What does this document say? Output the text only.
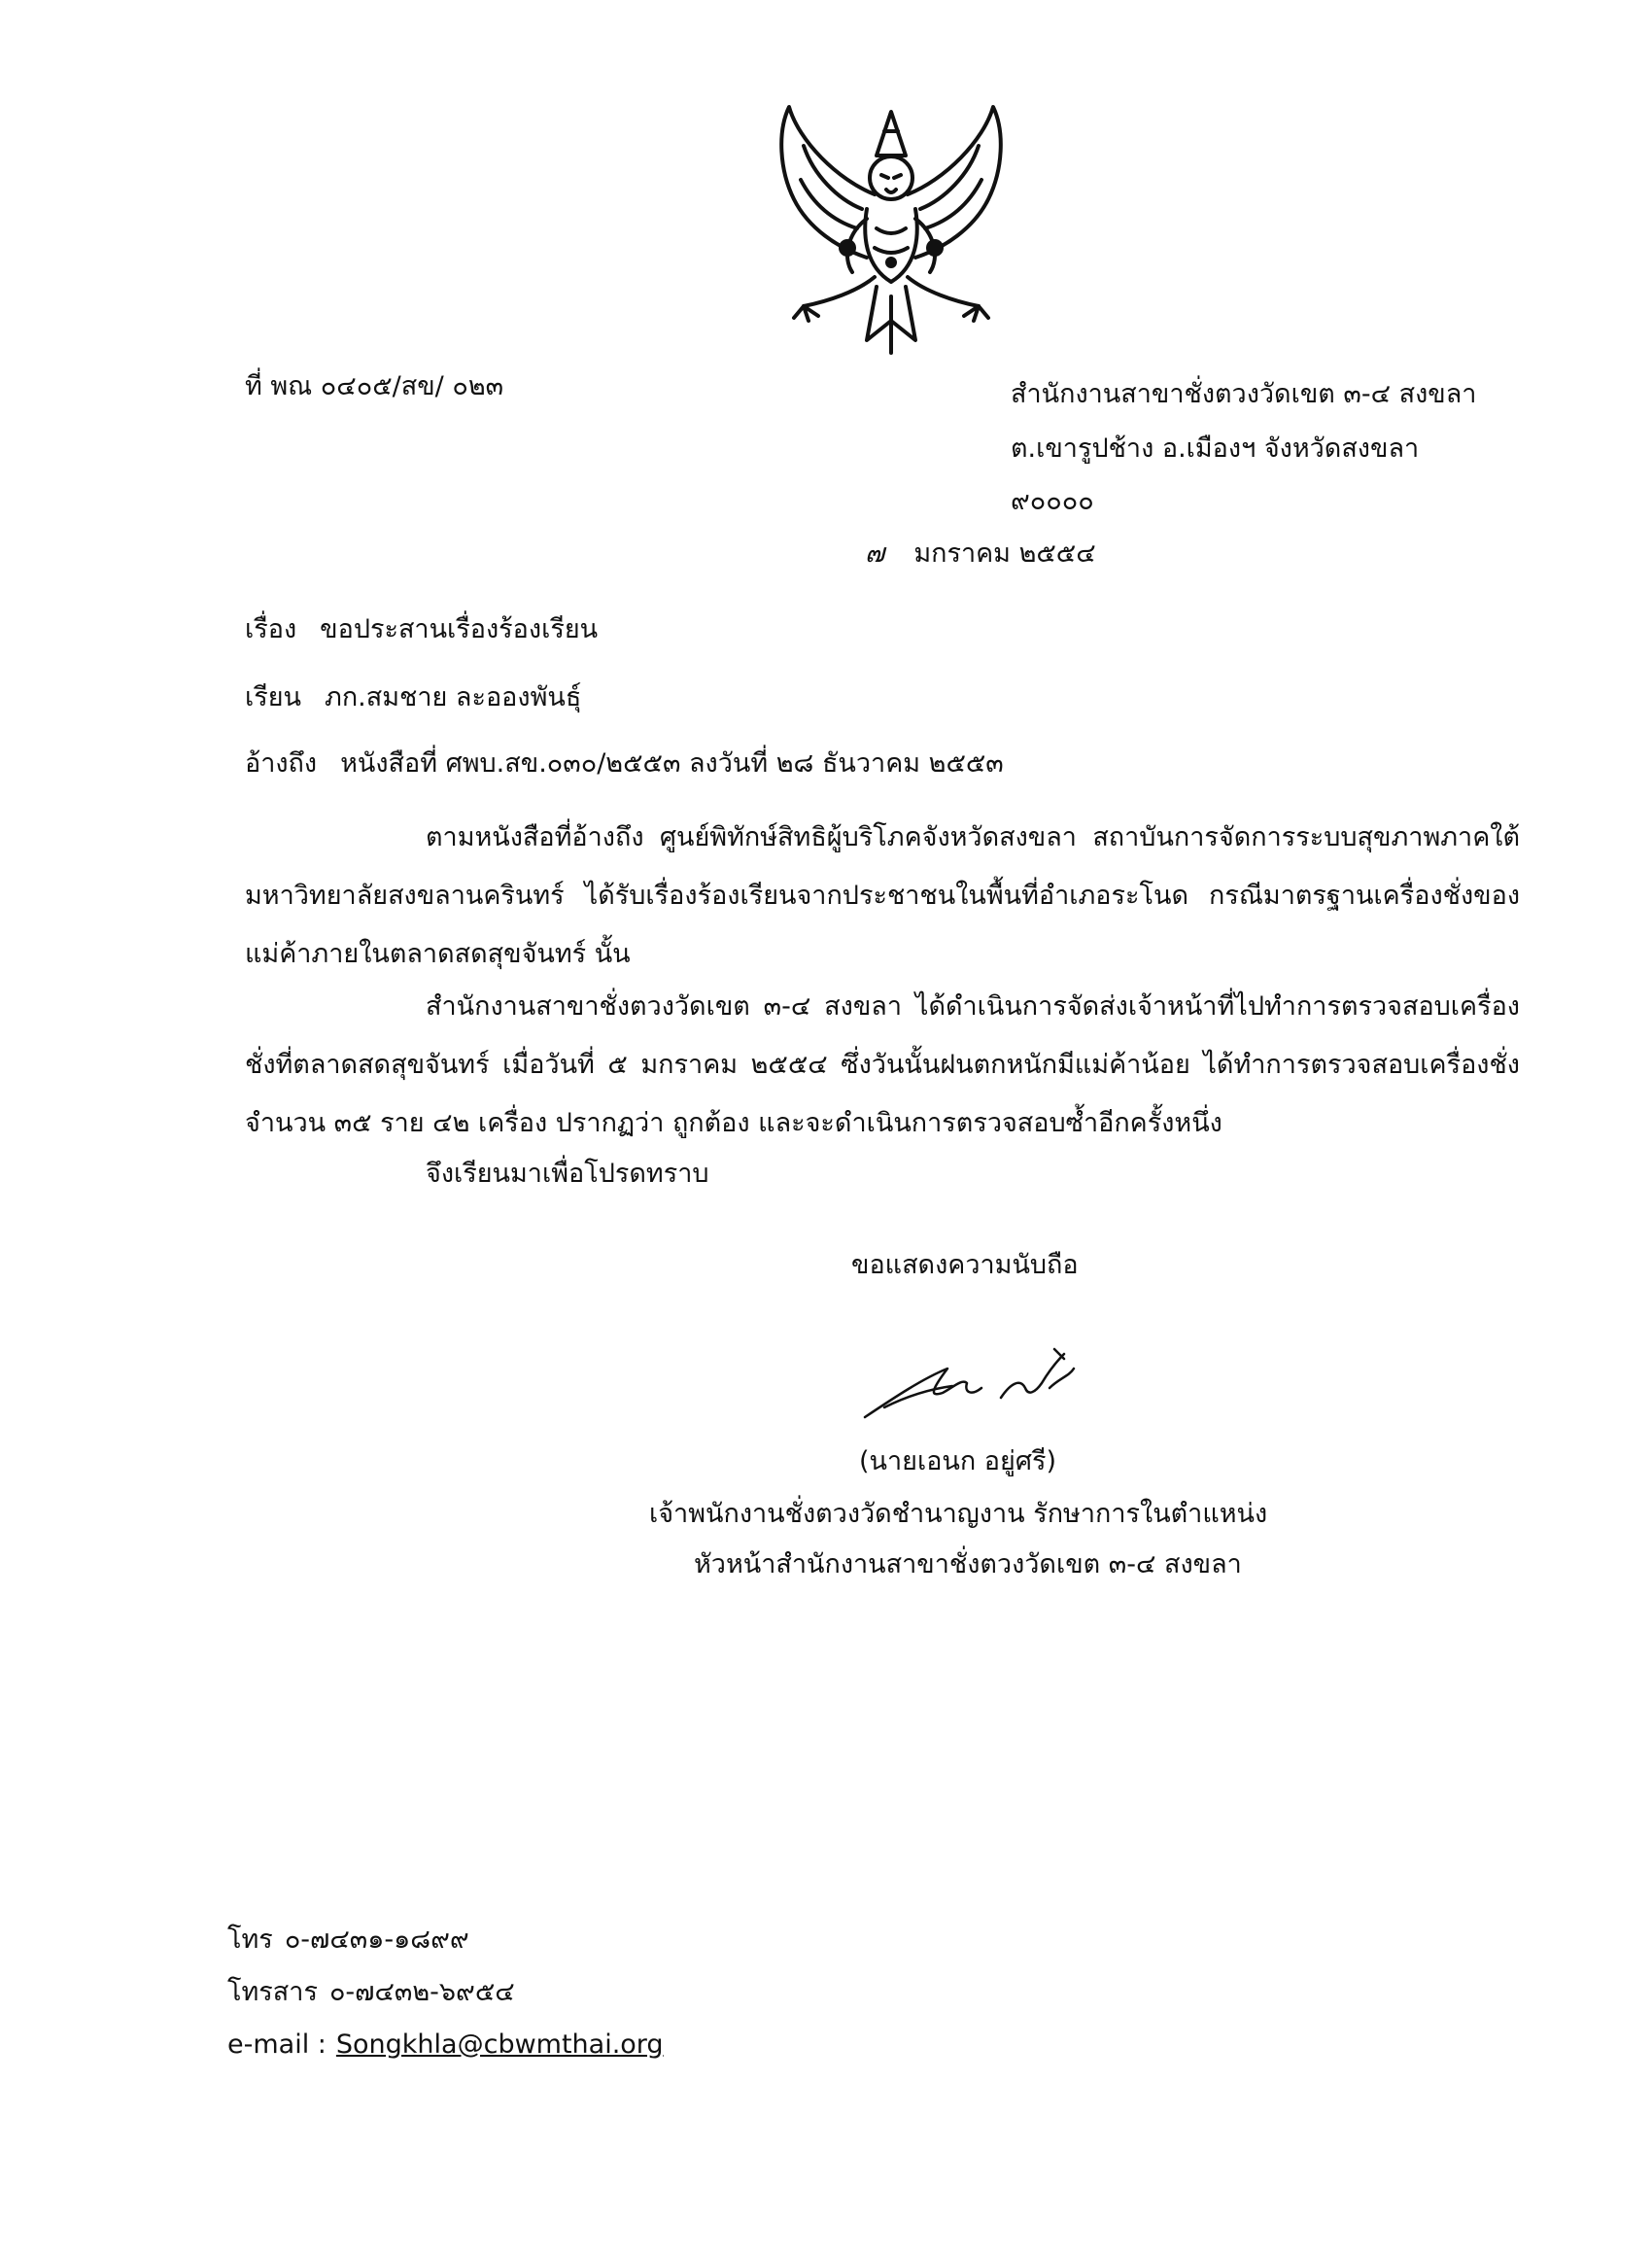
ที่ พณ ๐๔๐๕/สข/ ๐๒๓	สำนักงานสาขาชั่งตวงวัดเขต ๓-๔ สงขลา
ต.เขารูปช้าง อ.เมืองฯ จังหวัดสงขลา
๙๐๐๐๐
๗ มกราคม ๒๕๕๔
เรื่อง ขอประสานเรื่องร้องเรียน
เรียน ภก.สมชาย ละอองพันธุ์
อ้างถึง หนังสือที่ ศพบ.สข.๐๓๐/๒๕๕๓ ลงวันที่ ๒๘ ธันวาคม ๒๕๕๓
ตามหนังสือที่อ้างถึง ศูนย์พิทักษ์สิทธิผู้บริโภคจังหวัดสงขลา สถาบันการจัดการระบบสุขภาพภาคใต้ มหาวิทยาลัยสงขลานครินทร์ ได้รับเรื่องร้องเรียนจากประชาชนในพื้นที่อำเภอระโนด กรณีมาตรฐานเครื่องชั่งของแม่ค้าภายในตลาดสดสุขจันทร์ นั้น
สำนักงานสาขาชั่งตวงวัดเขต ๓-๔ สงขลา ได้ดำเนินการจัดส่งเจ้าหน้าที่ไปทำการตรวจสอบเครื่องชั่งที่ตลาดสดสุขจันทร์ เมื่อวันที่ ๕ มกราคม ๒๕๕๔ ซึ่งวันนั้นฝนตกหนักมีแม่ค้าน้อย ได้ทำการตรวจสอบเครื่องชั่ง จำนวน ๓๕ ราย ๔๒ เครื่อง ปรากฏว่า ถูกต้อง และจะดำเนินการตรวจสอบซ้ำอีกครั้งหนึ่ง
จึงเรียนมาเพื่อโปรดทราบ
ขอแสดงความนับถือ
(นายเอนก อยู่ศรี)
เจ้าพนักงานชั่งตวงวัดชำนาญงาน รักษาการในตำแหน่ง
หัวหน้าสำนักงานสาขาชั่งตวงวัดเขต ๓-๔ สงขลา
โทร ๐-๗๔๓๑-๑๘๙๙
โทรสาร ๐-๗๔๓๒-๖๙๕๔
e-mail : Songkhla@cbwmthai.org
